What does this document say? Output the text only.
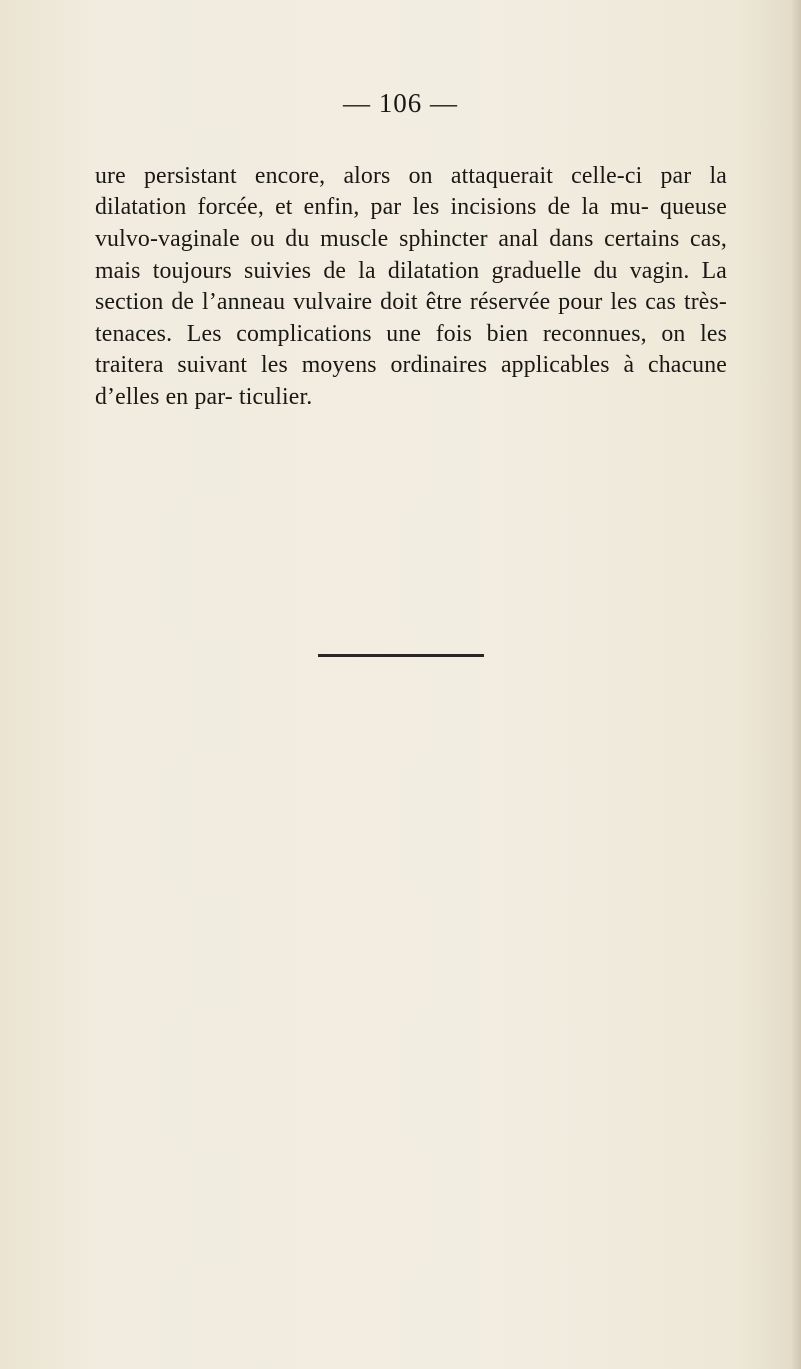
— 106 —

ure persistant encore, alors on attaquerait celle-ci par la dilatation forcée, et enfin, par les incisions de la mu- queuse vulvo-vaginale ou du muscle sphincter anal dans certains cas, mais toujours suivies de la dilatation graduelle du vagin. La section de l’anneau vulvaire doit être réservée pour les cas très-tenaces. Les complications une fois bien reconnues, on les traitera suivant les moyens ordinaires applicables à chacune d’elles en par- ticulier.
